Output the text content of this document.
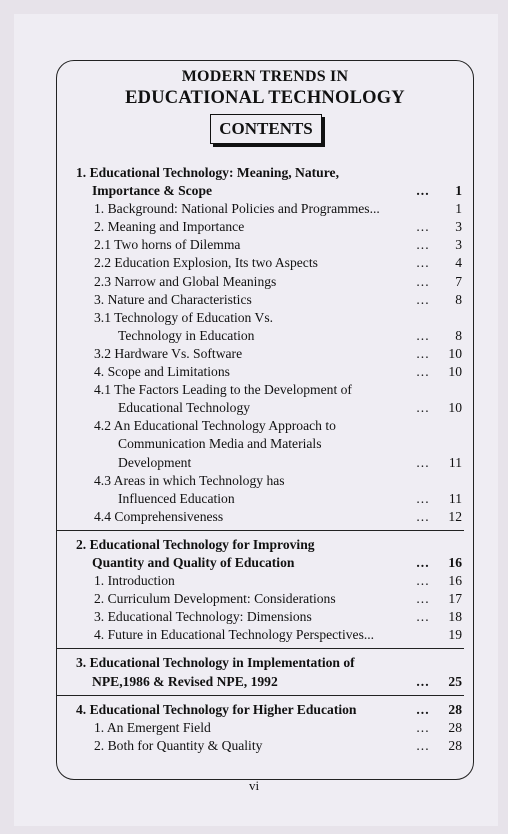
MODERN TRENDS IN
EDUCATIONAL TECHNOLOGY
CONTENTS
1. Educational Technology: Meaning, Nature,
Importance & Scope	...	1
1. Background: National Policies and Programmes...	1
2. Meaning and Importance	...	3
2.1 Two horns of Dilemma	...	3
2.2 Education Explosion, Its two Aspects	...	4
2.3 Narrow and Global Meanings	...	7
3. Nature and Characteristics	...	8
3.1 Technology of Education Vs.
Technology in Education	...	8
3.2 Hardware Vs. Software	...	10
4. Scope and Limitations	...	10
4.1 The Factors Leading to the Development of
Educational Technology	...	10
4.2 An Educational Technology Approach to
Communication Media and Materials
Development	...	11
4.3 Areas in which Technology has
Influenced Education	...	11
4.4 Comprehensiveness	...	12
2. Educational Technology for Improving
Quantity and Quality of Education	...	16
1. Introduction	...	16
2. Curriculum Development: Considerations	...	17
3. Educational Technology: Dimensions	...	18
4. Future in Educational Technology Perspectives...	19
3. Educational Technology in Implementation of
NPE,1986 & Revised NPE, 1992	...	25
4. Educational Technology for Higher Education	...	28
1. An Emergent Field	...	28
2. Both for Quantity & Quality	...	28
vi
